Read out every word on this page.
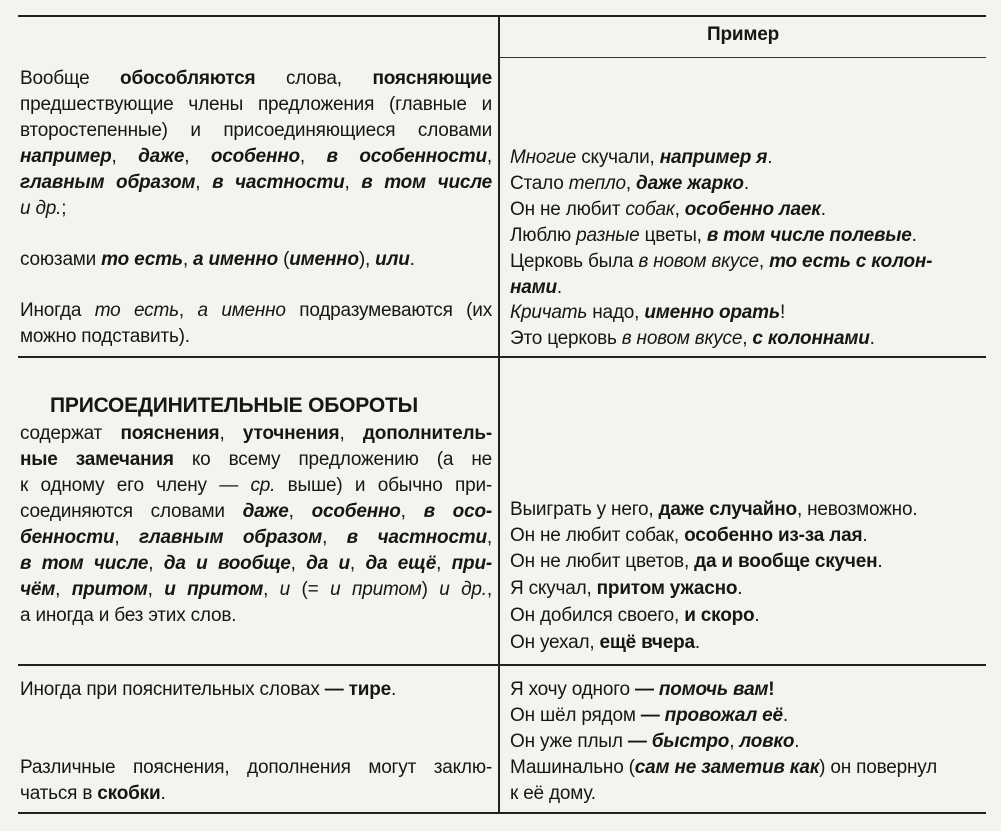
Пример
Вообще обособляются слова, поясняющие
предшествующие члены предложения (главные и
второстепенные) и присоединяющиеся словами
например, даже, особенно, в особенности,
главным образом, в частности, в том числе
и др.;
союзами то есть, а именно (именно), или.
Иногда то есть, а именно подразумеваются (их
можно подставить).
Многие скучали, например я.
Стало тепло, даже жарко.
Он не любит собак, особенно лаек.
Люблю разные цветы, в том числе полевые.
Церковь была в новом вкусе, то есть с колон-
нами.
Кричать надо, именно орать!
Это церковь в новом вкусе, с колоннами.
ПРИСОЕДИНИТЕЛЬНЫЕ ОБОРОТЫ
содержат пояснения, уточнения, дополнитель-
ные замечания ко всему предложению (а не
к одному его члену — ср. выше) и обычно при-
соединяются словами даже, особенно, в осо-
бенности, главным образом, в частности,
в том числе, да и вообще, да и, да ещё, при-
чём, притом, и притом, и (= и притом) и др.,
а иногда и без этих слов.
Выиграть у него, даже случайно, невозможно.
Он не любит собак, особенно из-за лая.
Он не любит цветов, да и вообще скучен.
Я скучал, притом ужасно.
Он добился своего, и скоро.
Он уехал, ещё вчера.
Иногда при пояснительных словах — тире.
Различные пояснения, дополнения могут заклю-
чаться в скобки.
Я хочу одного — помочь вам!
Он шёл рядом — провожал её.
Он уже плыл — быстро, ловко.
Машинально (сам не заметив как) он повернул
к её дому.
